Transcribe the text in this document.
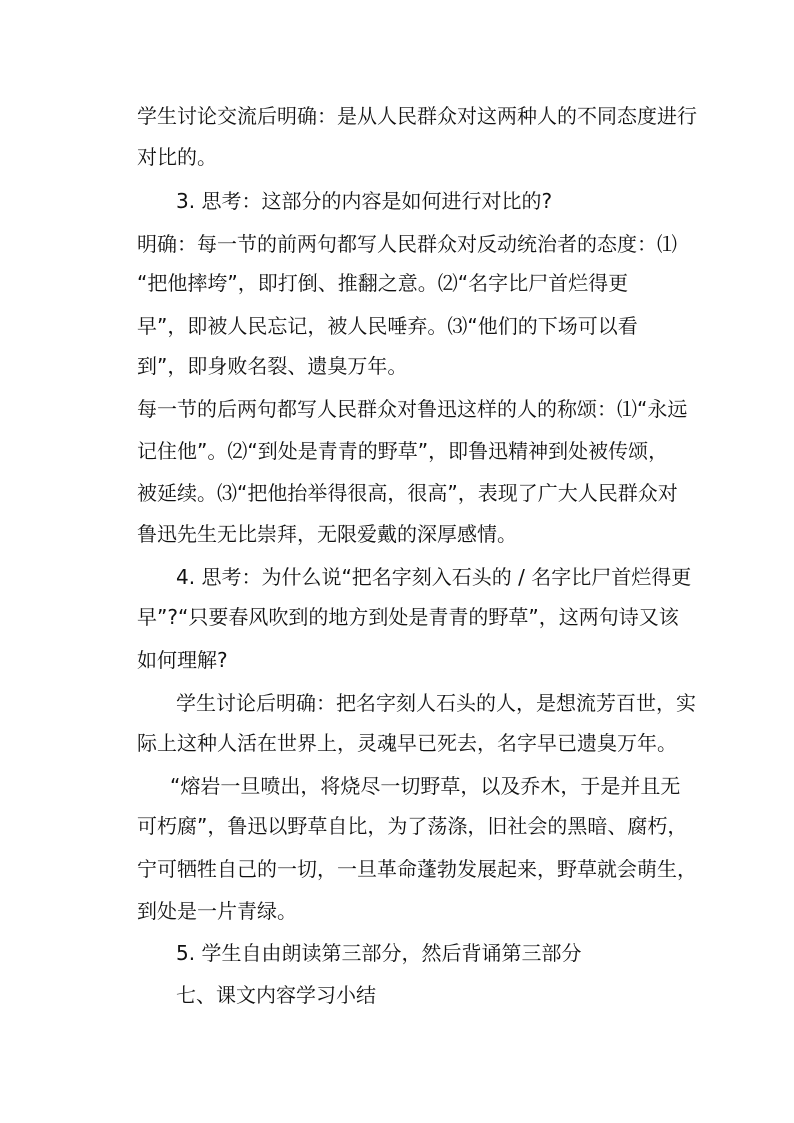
学生讨论交流后明确：是从人民群众对这两种人的不同态度进行

对比的。

3. 思考：这部分的内容是如何进行对比的?

明确：每一节的前两句都写人民群众对反动统治者的态度：⑴

“把他摔垮”，即打倒、推翻之意。⑵“名字比尸首烂得更

早”，即被人民忘记，被人民唾弃。⑶“他们的下场可以看

到”，即身败名裂、遗臭万年。

每一节的后两句都写人民群众对鲁迅这样的人的称颂：⑴“永远

记住他”。⑵“到处是青青的野草”，即鲁迅精神到处被传颂，

被延续。⑶“把他抬举得很高，很高”，表现了广大人民群众对

鲁迅先生无比崇拜，无限爱戴的深厚感情。

4. 思考：为什么说“把名字刻入石头的 / 名字比尸首烂得更

早”?“只要春风吹到的地方到处是青青的野草”，这两句诗又该

如何理解?

学生讨论后明确：把名字刻人石头的人，是想流芳百世，实

际上这种人活在世界上，灵魂早已死去，名字早已遗臭万年。

“熔岩一旦喷出，将烧尽一切野草，以及乔木，于是并且无

可朽腐”，鲁迅以野草自比，为了荡涤，旧社会的黑暗、腐朽，

宁可牺牲自己的一切，一旦革命蓬勃发展起来，野草就会萌生，

到处是一片青绿。

5. 学生自由朗读第三部分，然后背诵第三部分

七、课文内容学习小结
